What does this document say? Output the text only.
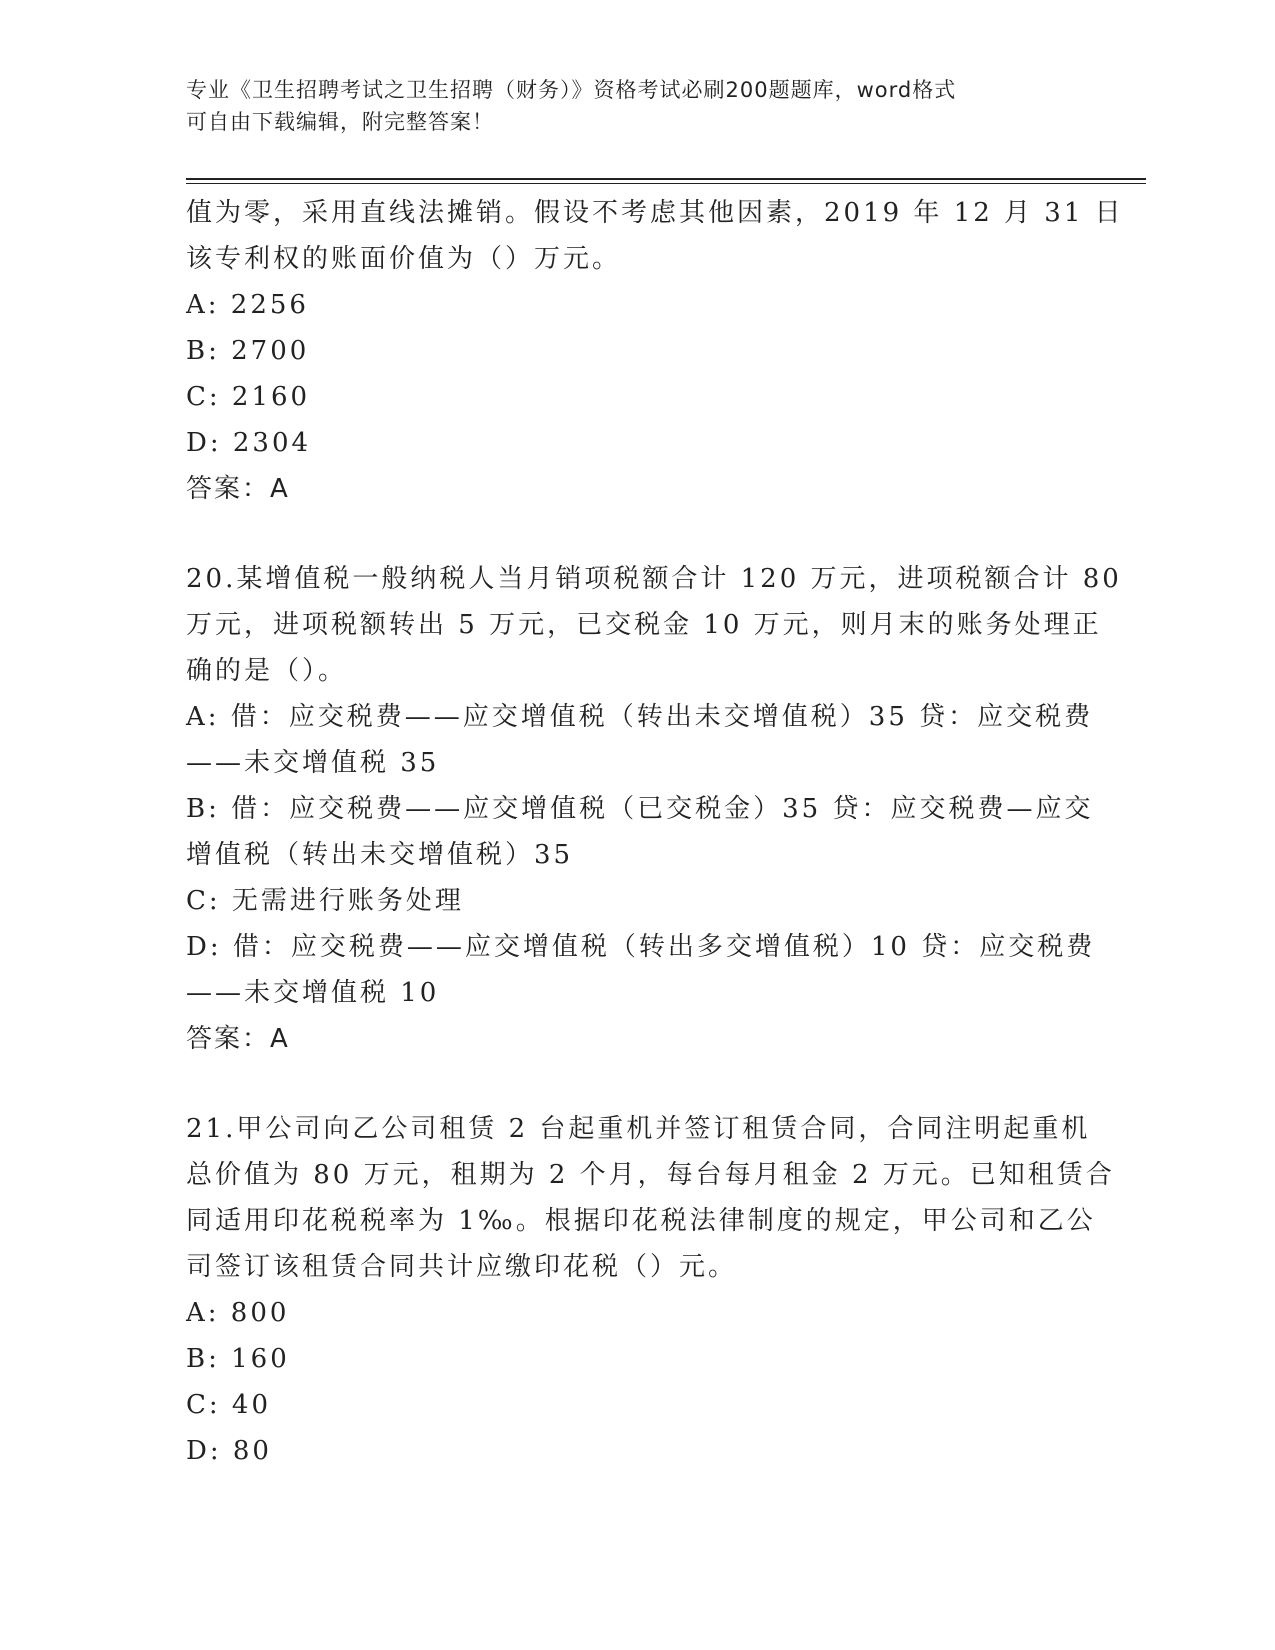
专业《卫生招聘考试之卫生招聘（财务）》资格考试必刷200题题库，word格式
可自由下载编辑，附完整答案！
值为零，采用直线法摊销。假设不考虑其他因素，2019 年 12 月 31 日
该专利权的账面价值为（）万元。
A: 2256
B: 2700
C: 2160
D: 2304
答案：A
20.某增值税一般纳税人当月销项税额合计 120 万元，进项税额合计 80
万元，进项税额转出 5 万元，已交税金 10 万元，则月末的账务处理正
确的是（）。
A: 借：应交税费——应交增值税（转出未交增值税）35 贷：应交税费
——未交增值税 35
B: 借：应交税费——应交增值税（已交税金）35 贷：应交税费—应交
增值税（转出未交增值税）35
C: 无需进行账务处理
D: 借：应交税费——应交增值税（转出多交增值税）10 贷：应交税费
——未交增值税 10
答案：A
21.甲公司向乙公司租赁 2 台起重机并签订租赁合同，合同注明起重机
总价值为 80 万元，租期为 2 个月，每台每月租金 2 万元。已知租赁合
同适用印花税税率为 1‰。根据印花税法律制度的规定，甲公司和乙公
司签订该租赁合同共计应缴印花税（）元。
A: 800
B: 160
C: 40
D: 80
